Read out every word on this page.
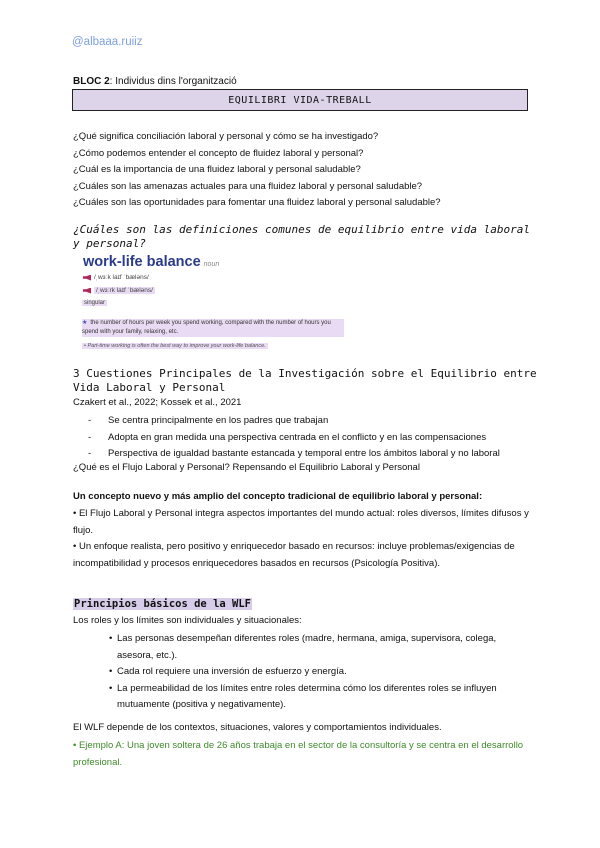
@albaaa.ruiiz
BLOC 2: Individus dins l'organització
EQUILIBRI VIDA-TREBALL
¿Qué significa conciliación laboral y personal y cómo se ha investigado?
¿Cómo podemos entender el concepto de fluidez laboral y personal?
¿Cuál es la importancia de una fluidez laboral y personal saludable?
¿Cuáles son las amenazas actuales para una fluidez laboral y personal saludable?
¿Cuáles son las oportunidades para fomentar una fluidez laboral y personal saludable?
¿Cuáles son las definiciones comunes de equilibrio entre vida laboral y personal?
work-life balance noun
/ˌwɜːk laɪf ˈbæləns/
/ˌwɜːrk laɪf ˈbæləns/
singular
★ the number of hours per week you spend working, compared with the number of hours you spend with your family, relaxing, etc.
• Part-time working is often the best way to improve your work-life balance.
3 Cuestiones Principales de la Investigación sobre el Equilibrio entre Vida Laboral y Personal
Czakert et al., 2022; Kossek et al., 2021
-	Se centra principalmente en los padres que trabajan
-	Adopta en gran medida una perspectiva centrada en el conflicto y en las compensaciones
-	Perspectiva de igualdad bastante estancada y temporal entre los ámbitos laboral y no laboral
¿Qué es el Flujo Laboral y Personal? Repensando el Equilibrio Laboral y Personal
Un concepto nuevo y más amplio del concepto tradicional de equilibrio laboral y personal:

• El Flujo Laboral y Personal integra aspectos importantes del mundo actual: roles diversos, límites difusos y flujo.

• Un enfoque realista, pero positivo y enriquecedor basado en recursos: incluye problemas/exigencias de incompatibilidad y procesos enriquecedores basados en recursos (Psicología Positiva).

Principios básicos de la WLF
Los roles y los límites son individuales y situacionales:
• Las personas desempeñan diferentes roles (madre, hermana, amiga, supervisora, colega, asesora, etc.).
• Cada rol requiere una inversión de esfuerzo y energía.
• La permeabilidad de los límites entre roles determina cómo los diferentes roles se influyen mutuamente (positiva y negativamente).
El WLF depende de los contextos, situaciones, valores y comportamientos individuales.
• Ejemplo A: Una joven soltera de 26 años trabaja en el sector de la consultoría y se centra en el desarrollo profesional.
